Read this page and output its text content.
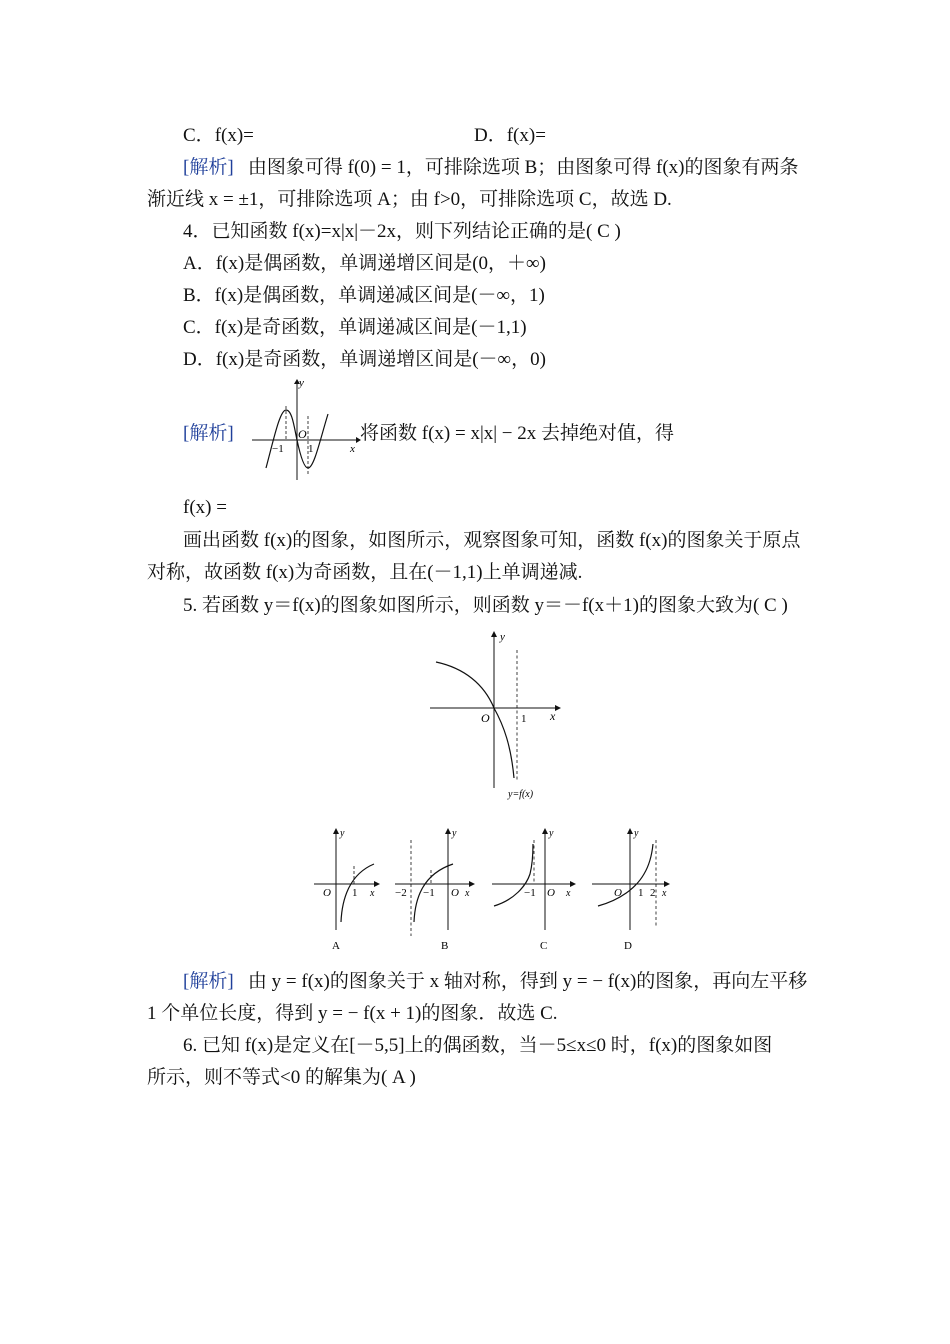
C．f(x)=	D．f(x)=
[解析] 由图象可得 f(0) = 1，可排除选项 B；由图象可得 f(x)的图象有两条
渐近线 x = ±1，可排除选项 A；由 f>0，可排除选项 C，故选 D.
4．已知函数 f(x)=x|x|－2x，则下列结论正确的是( C )
A．f(x)是偶函数，单调递增区间是(0，＋∞)
B．f(x)是偶函数，单调递减区间是(－∞，1)
C．f(x)是奇函数，单调递减区间是(－1,1)
D．f(x)是奇函数，单调递增区间是(－∞，0)
[解析]
y
x
O
−1 1
将函数 f(x) = x|x| − 2x 去掉绝对值，得
f(x) =
画出函数 f(x)的图象，如图所示，观察图象可知，函数 f(x)的图象关于原点
对称，故函数 f(x)为奇函数，且在(－1,1)上单调递减.
5. 若函数 y＝f(x)的图象如图所示，则函数 y＝－f(x＋1)的图象大致为( C )
y
x
O	1
y=f(x)
y
x
O 1
A
y
x
−2 −1 O
B
y
x
−1 O
C
y
x
O 1 2
D
[解析] 由 y = f(x)的图象关于 x 轴对称，得到 y = − f(x)的图象，再向左平移
1 个单位长度，得到 y = − f(x + 1)的图象．故选 C.
6. 已知 f(x)是定义在[－5,5]上的偶函数，当－5≤x≤0 时，f(x)的图象如图
所示，则不等式<0 的解集为( A )
